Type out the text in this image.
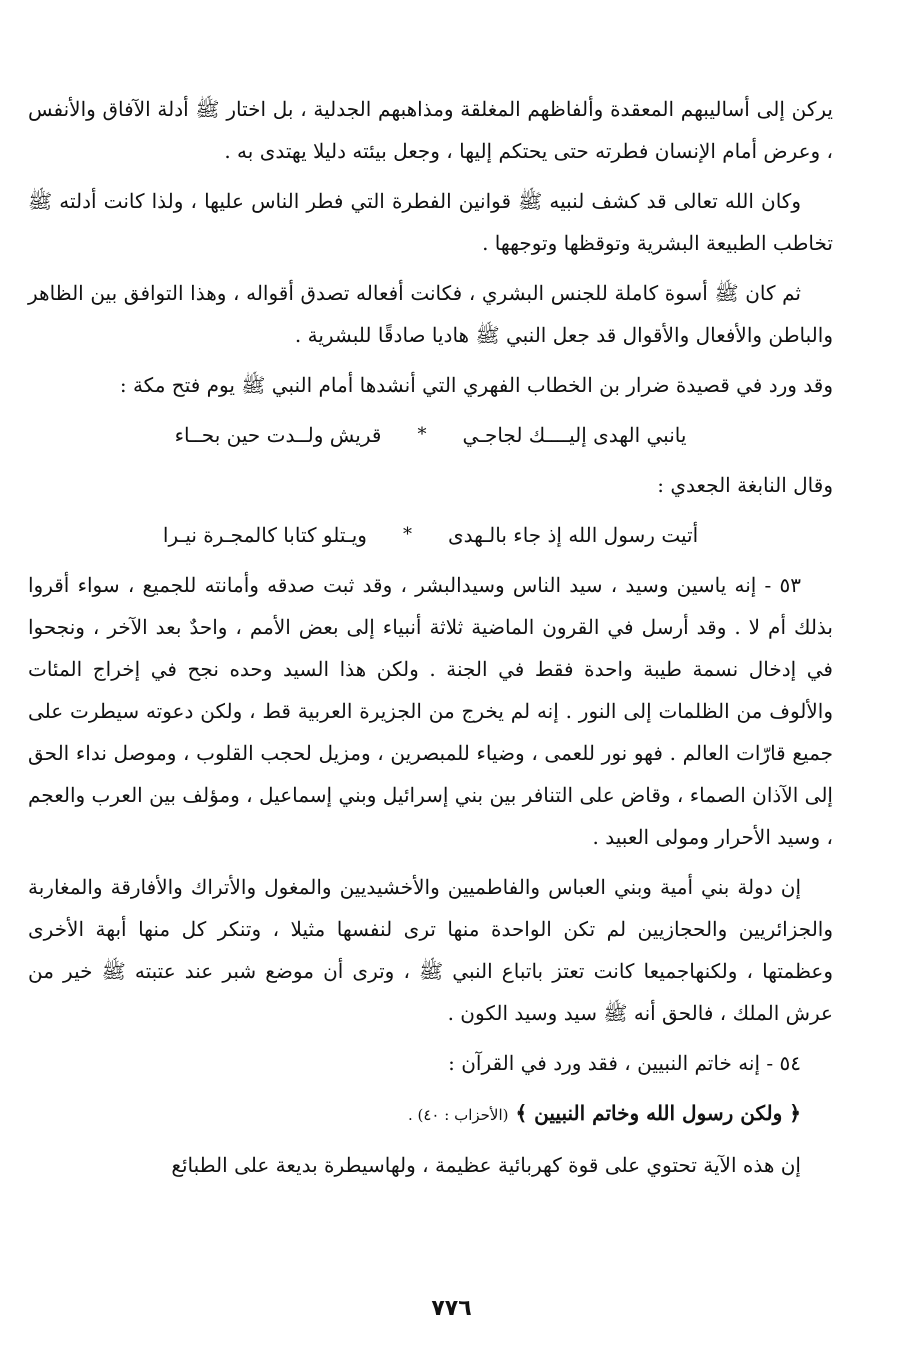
يركن إلى أساليبهم المعقدة وألفاظهم المغلقة ومذاهبهم الجدلية ، بل اختار ﷺ أدلة الآفاق والأنفس ، وعرض أمام الإنسان فطرته حتى يحتكم إليها ، وجعل بيئته دليلا يهتدى به .

وكان الله تعالى قد كشف لنبيه ﷺ قوانين الفطرة التي فطر الناس عليها ، ولذا كانت أدلته ﷺ تخاطب الطبيعة البشرية وتوقظها وتوجهها .

ثم كان ﷺ أسوة كاملة للجنس البشري ، فكانت أفعاله تصدق أقواله ، وهذا التوافق بين الظاهر والباطن والأفعال والأقوال قد جعل النبي ﷺ هاديا صادقًا للبشرية .

وقد ورد في قصيدة ضرار بن الخطاب الفهري التي أنشدها أمام النبي ﷺ يوم فتح مكة :

يانبي الهدى إليــــك لجاجـي
*
قريش ولــدت حين بحــاء

وقال النابغة الجعدي :

أتيت رسول الله إذ جاء بالـهدى
*
ويـتلو كتابا كالمجـرة نيـرا

٥٣ - إنه ياسين وسيد ، سيد الناس وسيدالبشر ، وقد ثبت صدقه وأمانته للجميع ، سواء أقروا بذلك أم لا . وقد أرسل في القرون الماضية ثلاثة أنبياء إلى بعض الأمم ، واحدٌ بعد الآخر ، ونجحوا في إدخال نسمة طيبة واحدة فقط في الجنة . ولكن هذا السيد وحده نجح في إخراج المئات والألوف من الظلمات إلى النور . إنه لم يخرج من الجزيرة العربية قط ، ولكن دعوته سيطرت على جميع قارّات العالم . فهو نور للعمى ، وضياء للمبصرين ، ومزيل لحجب القلوب ، وموصل نداء الحق إلى الآذان الصماء ، وقاض على التنافر بين بني إسرائيل وبني إسماعيل ، ومؤلف بين العرب والعجم ، وسيد الأحرار ومولى العبيد .

إن دولة بني أمية وبني العباس والفاطميين والأخشيديين والمغول والأتراك والأفارقة والمغاربة والجزائريين والحجازيين لم تكن الواحدة منها ترى لنفسها مثيلا ، وتنكر كل منها أبهة الأخرى وعظمتها ، ولكنهاجميعا كانت تعتز باتباع النبي ﷺ ، وترى أن موضع شبر عند عتبته ﷺ خير من عرش الملك ، فالحق أنه ﷺ سيد وسيد الكون .

٥٤ - إنه خاتم النبيين ، فقد ورد في القرآن :

﴿ ولكن رسول الله وخاتم النبيين ﴾ (الأحزاب : ٤٠) .

إن هذه الآية تحتوي على قوة كهربائية عظيمة ، ولهاسيطرة بديعة على الطبائع

٧٧٦
